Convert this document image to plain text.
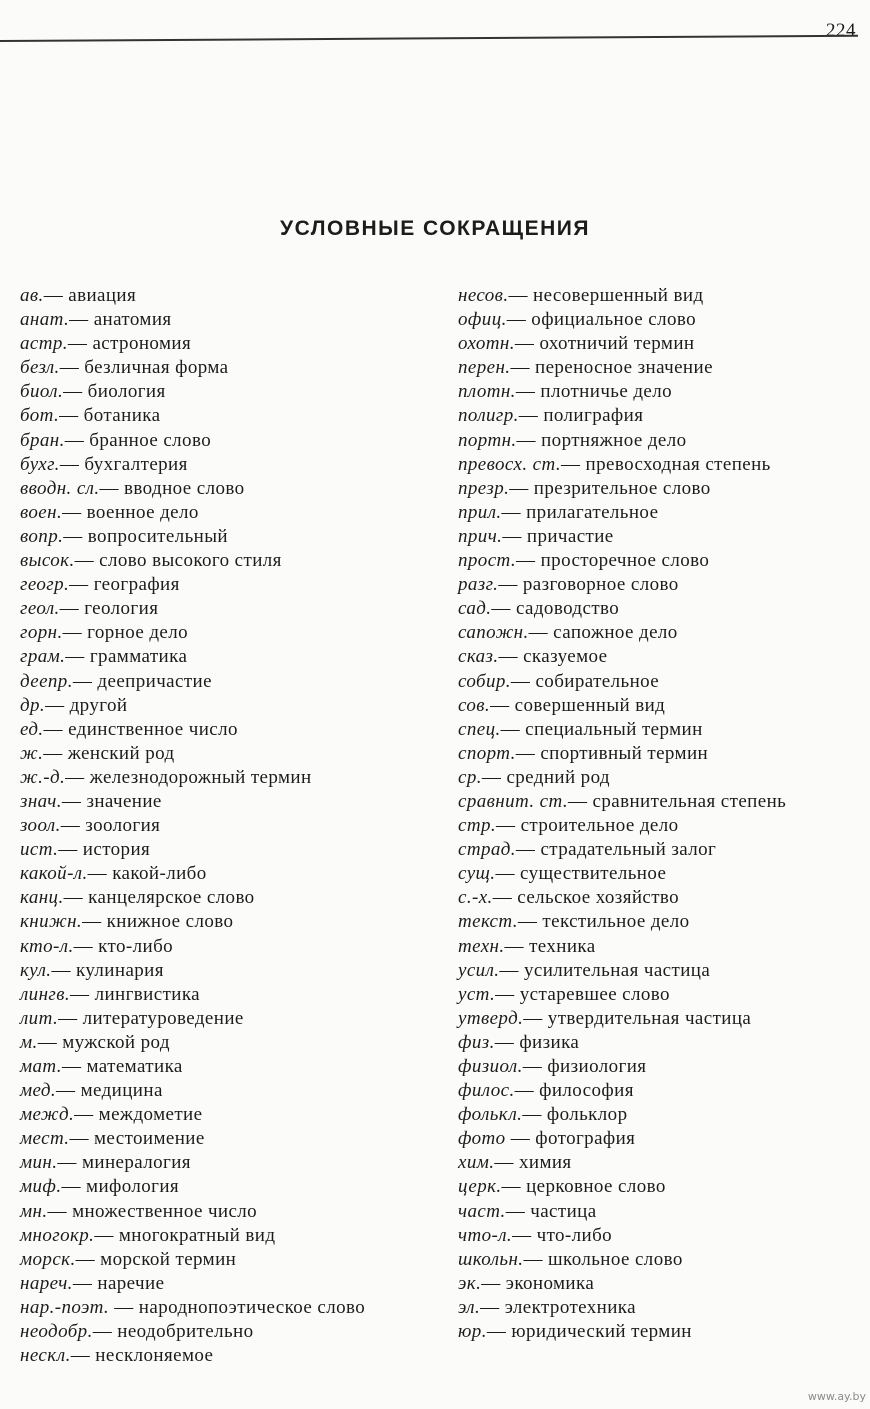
224
УСЛОВНЫЕ СОКРАЩЕНИЯ
ав.— авиация
анат.— анатомия
астр.— астрономия
безл.— безличная форма
биол.— биология
бот.— ботаника
бран.— бранное слово
бухг.— бухгалтерия
вводн. сл.— вводное слово
воен.— военное дело
вопр.— вопросительный
высок.— слово высокого стиля
геогр.— география
геол.— геология
горн.— горное дело
грам.— грамматика
деепр.— деепричастие
др.— другой
ед.— единственное число
ж.— женский род
ж.-д.— железнодорожный термин
знач.— значение
зоол.— зоология
ист.— история
какой-л.— какой-либо
канц.— канцелярское слово
книжн.— книжное слово
кто-л.— кто-либо
кул.— кулинария
лингв.— лингвистика
лит.— литературоведение
м.— мужской род
мат.— математика
мед.— медицина
межд.— междометие
мест.— местоимение
мин.— минералогия
миф.— мифология
мн.— множественное число
многокр.— многократный вид
морск.— морской термин
нареч.— наречие
нар.-поэт. — народнопоэтическое слово
неодобр.— неодобрительно
нескл.— несклоняемое
несов.— несовершенный вид
офиц.— официальное слово
охотн.— охотничий термин
перен.— переносное значение
плотн.— плотничье дело
полигр.— полиграфия
портн.— портняжное дело
превосх. ст.— превосходная степень
презр.— презрительное слово
прил.— прилагательное
прич.— причастие
прост.— просторечное слово
разг.— разговорное слово
сад.— садоводство
сапожн.— сапожное дело
сказ.— сказуемое
собир.— собирательное
сов.— совершенный вид
спец.— специальный термин
спорт.— спортивный термин
ср.— средний род
сравнит. ст.— сравнительная степень
стр.— строительное дело
страд.— страдательный залог
сущ.— существительное
с.-х.— сельское хозяйство
текст.— текстильное дело
техн.— техника
усил.— усилительная частица
уст.— устаревшее слово
утверд.— утвердительная частица
физ.— физика
физиол.— физиология
филос.— философия
фолькл.— фольклор
фото — фотография
хим.— химия
церк.— церковное слово
част.— частица
что-л.— что-либо
школьн.— школьное слово
эк.— экономика
эл.— электротехника
юр.— юридический термин
www.ay.by
